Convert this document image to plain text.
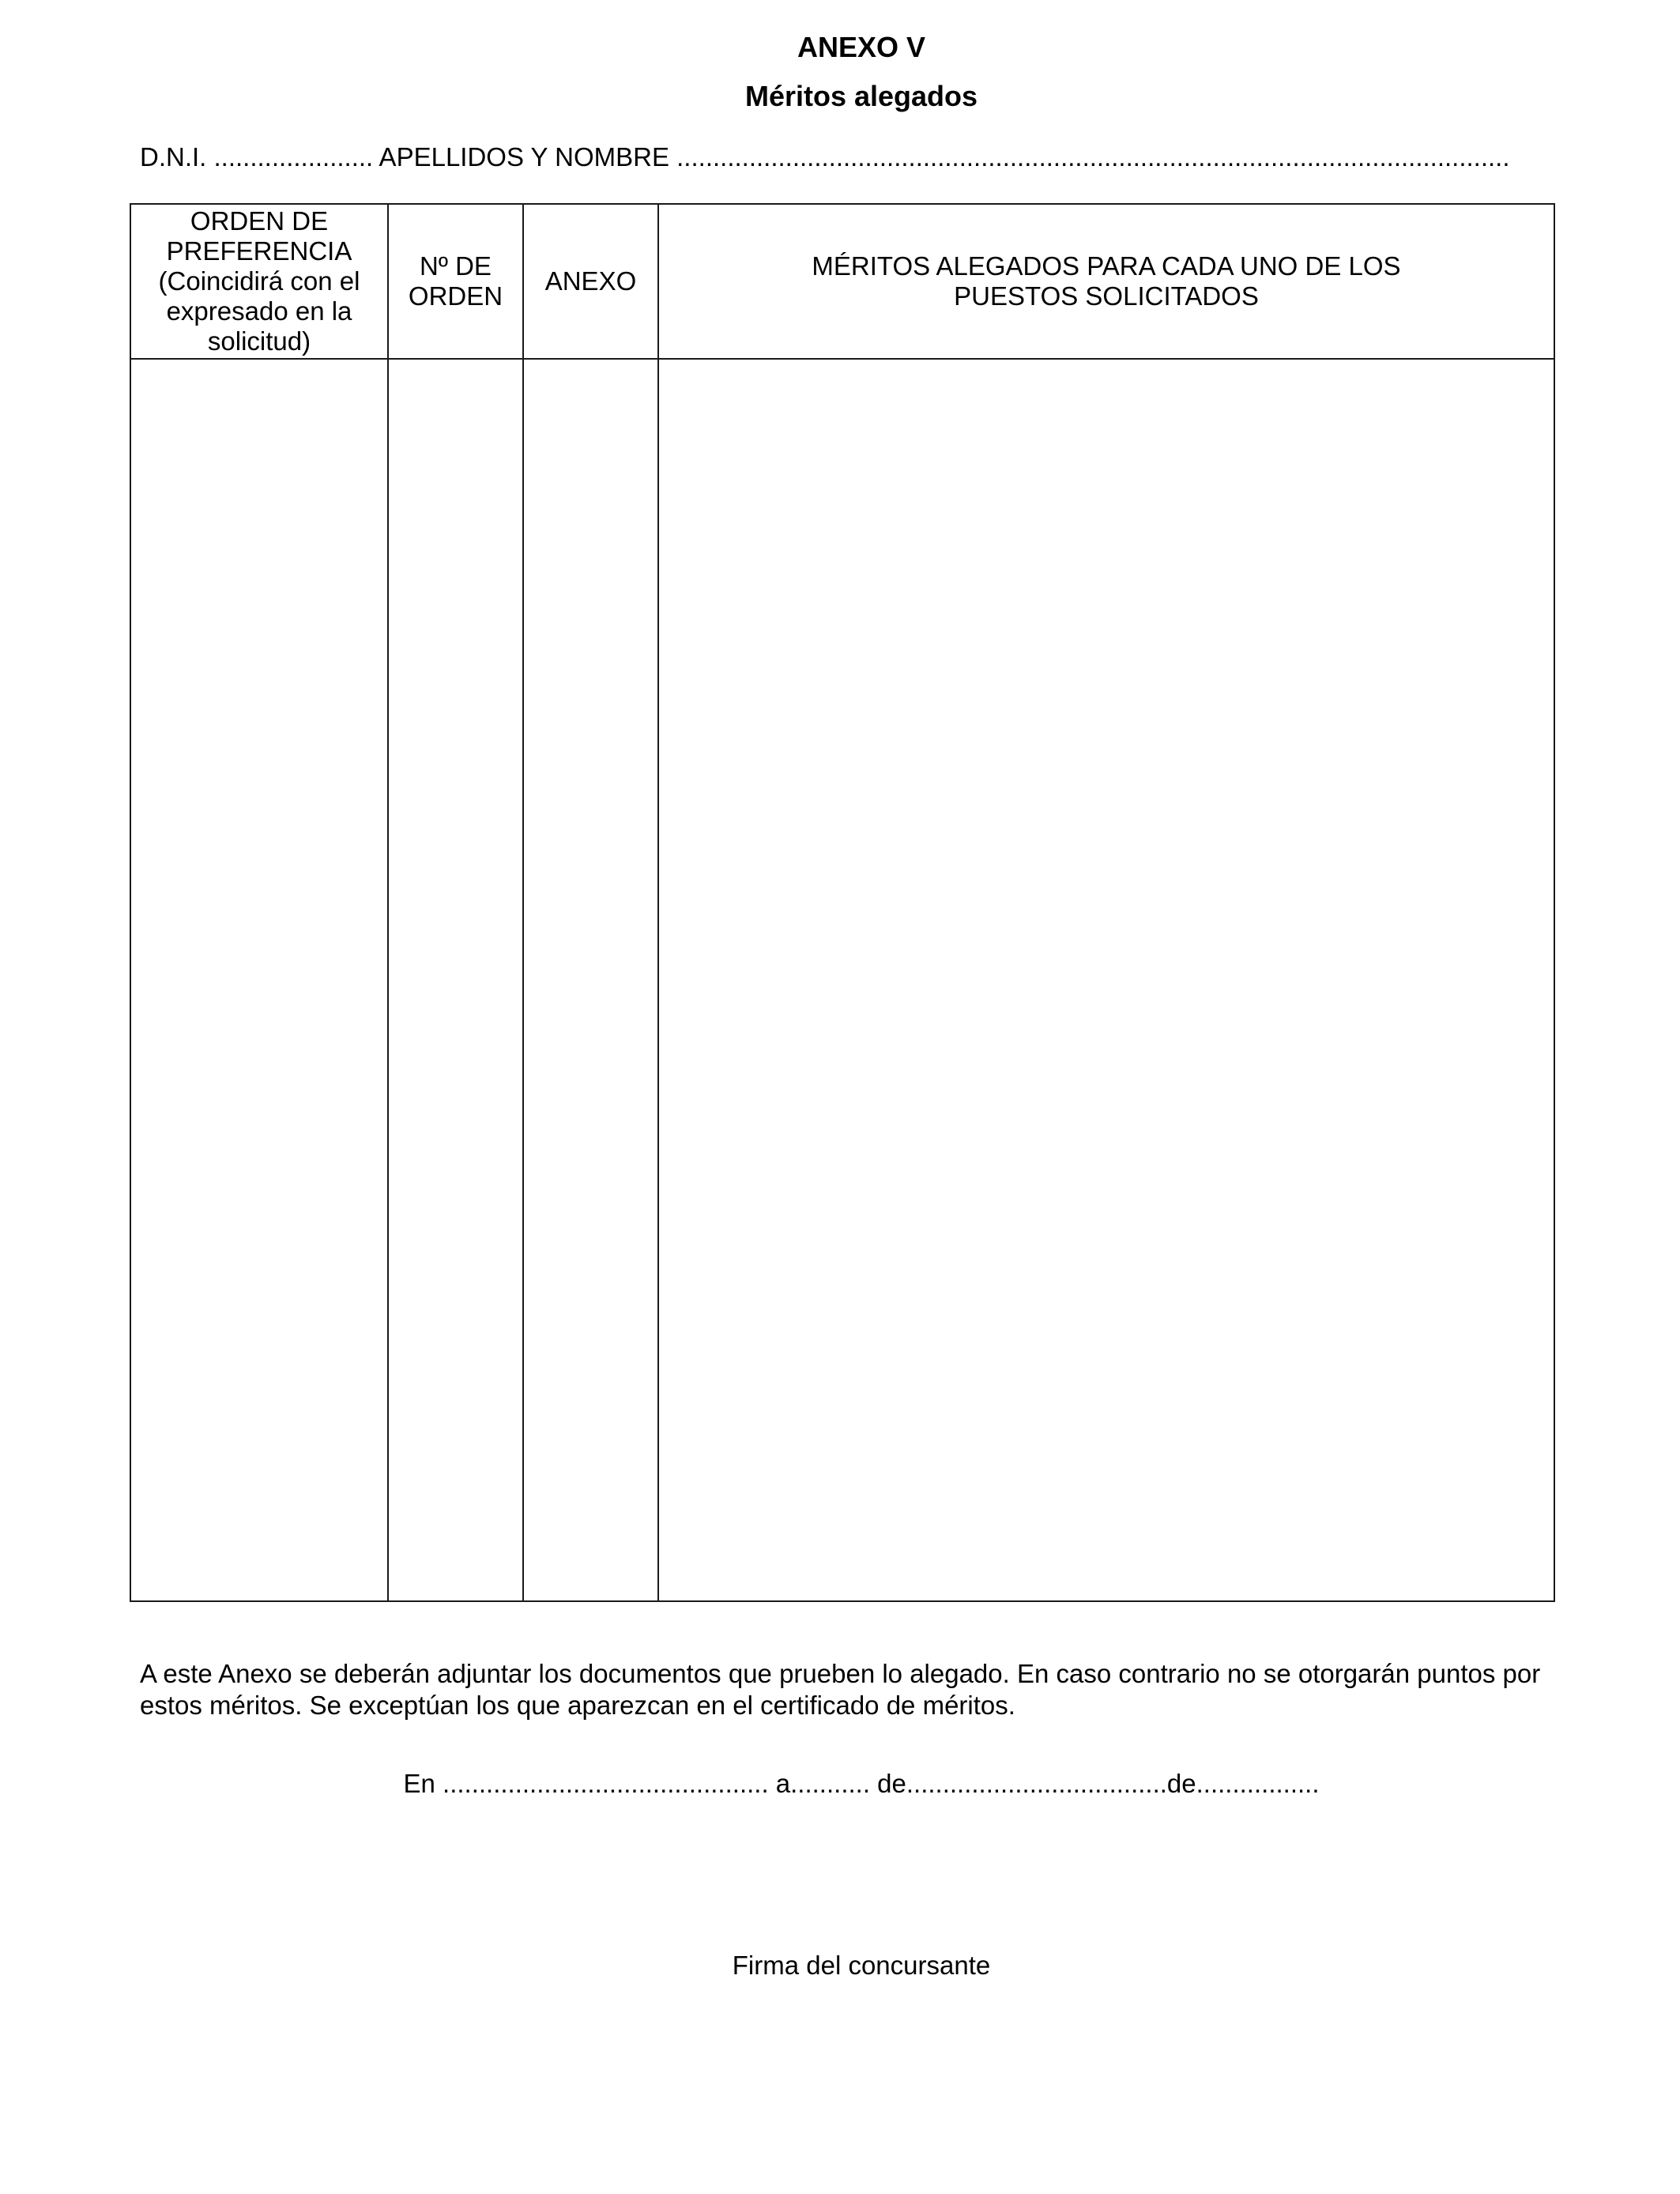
ANEXO V
Méritos alegados
D.N.I. ...................... APELLIDOS Y NOMBRE ...................................................................................................................
ORDEN DE PREFERENCIA (Coincidirá con el expresado en la solicitud)	Nº DE ORDEN	ANEXO	MÉRITOS ALEGADOS PARA CADA UNO DE LOS PUESTOS SOLICITADOS

A este Anexo se deberán adjuntar los documentos que prueben lo alegado. En caso contrario no se otorgarán puntos por estos méritos. Se exceptúan los que aparezcan en el certificado de méritos.
En ............................................. a........... de....................................de.................
Firma del concursante
